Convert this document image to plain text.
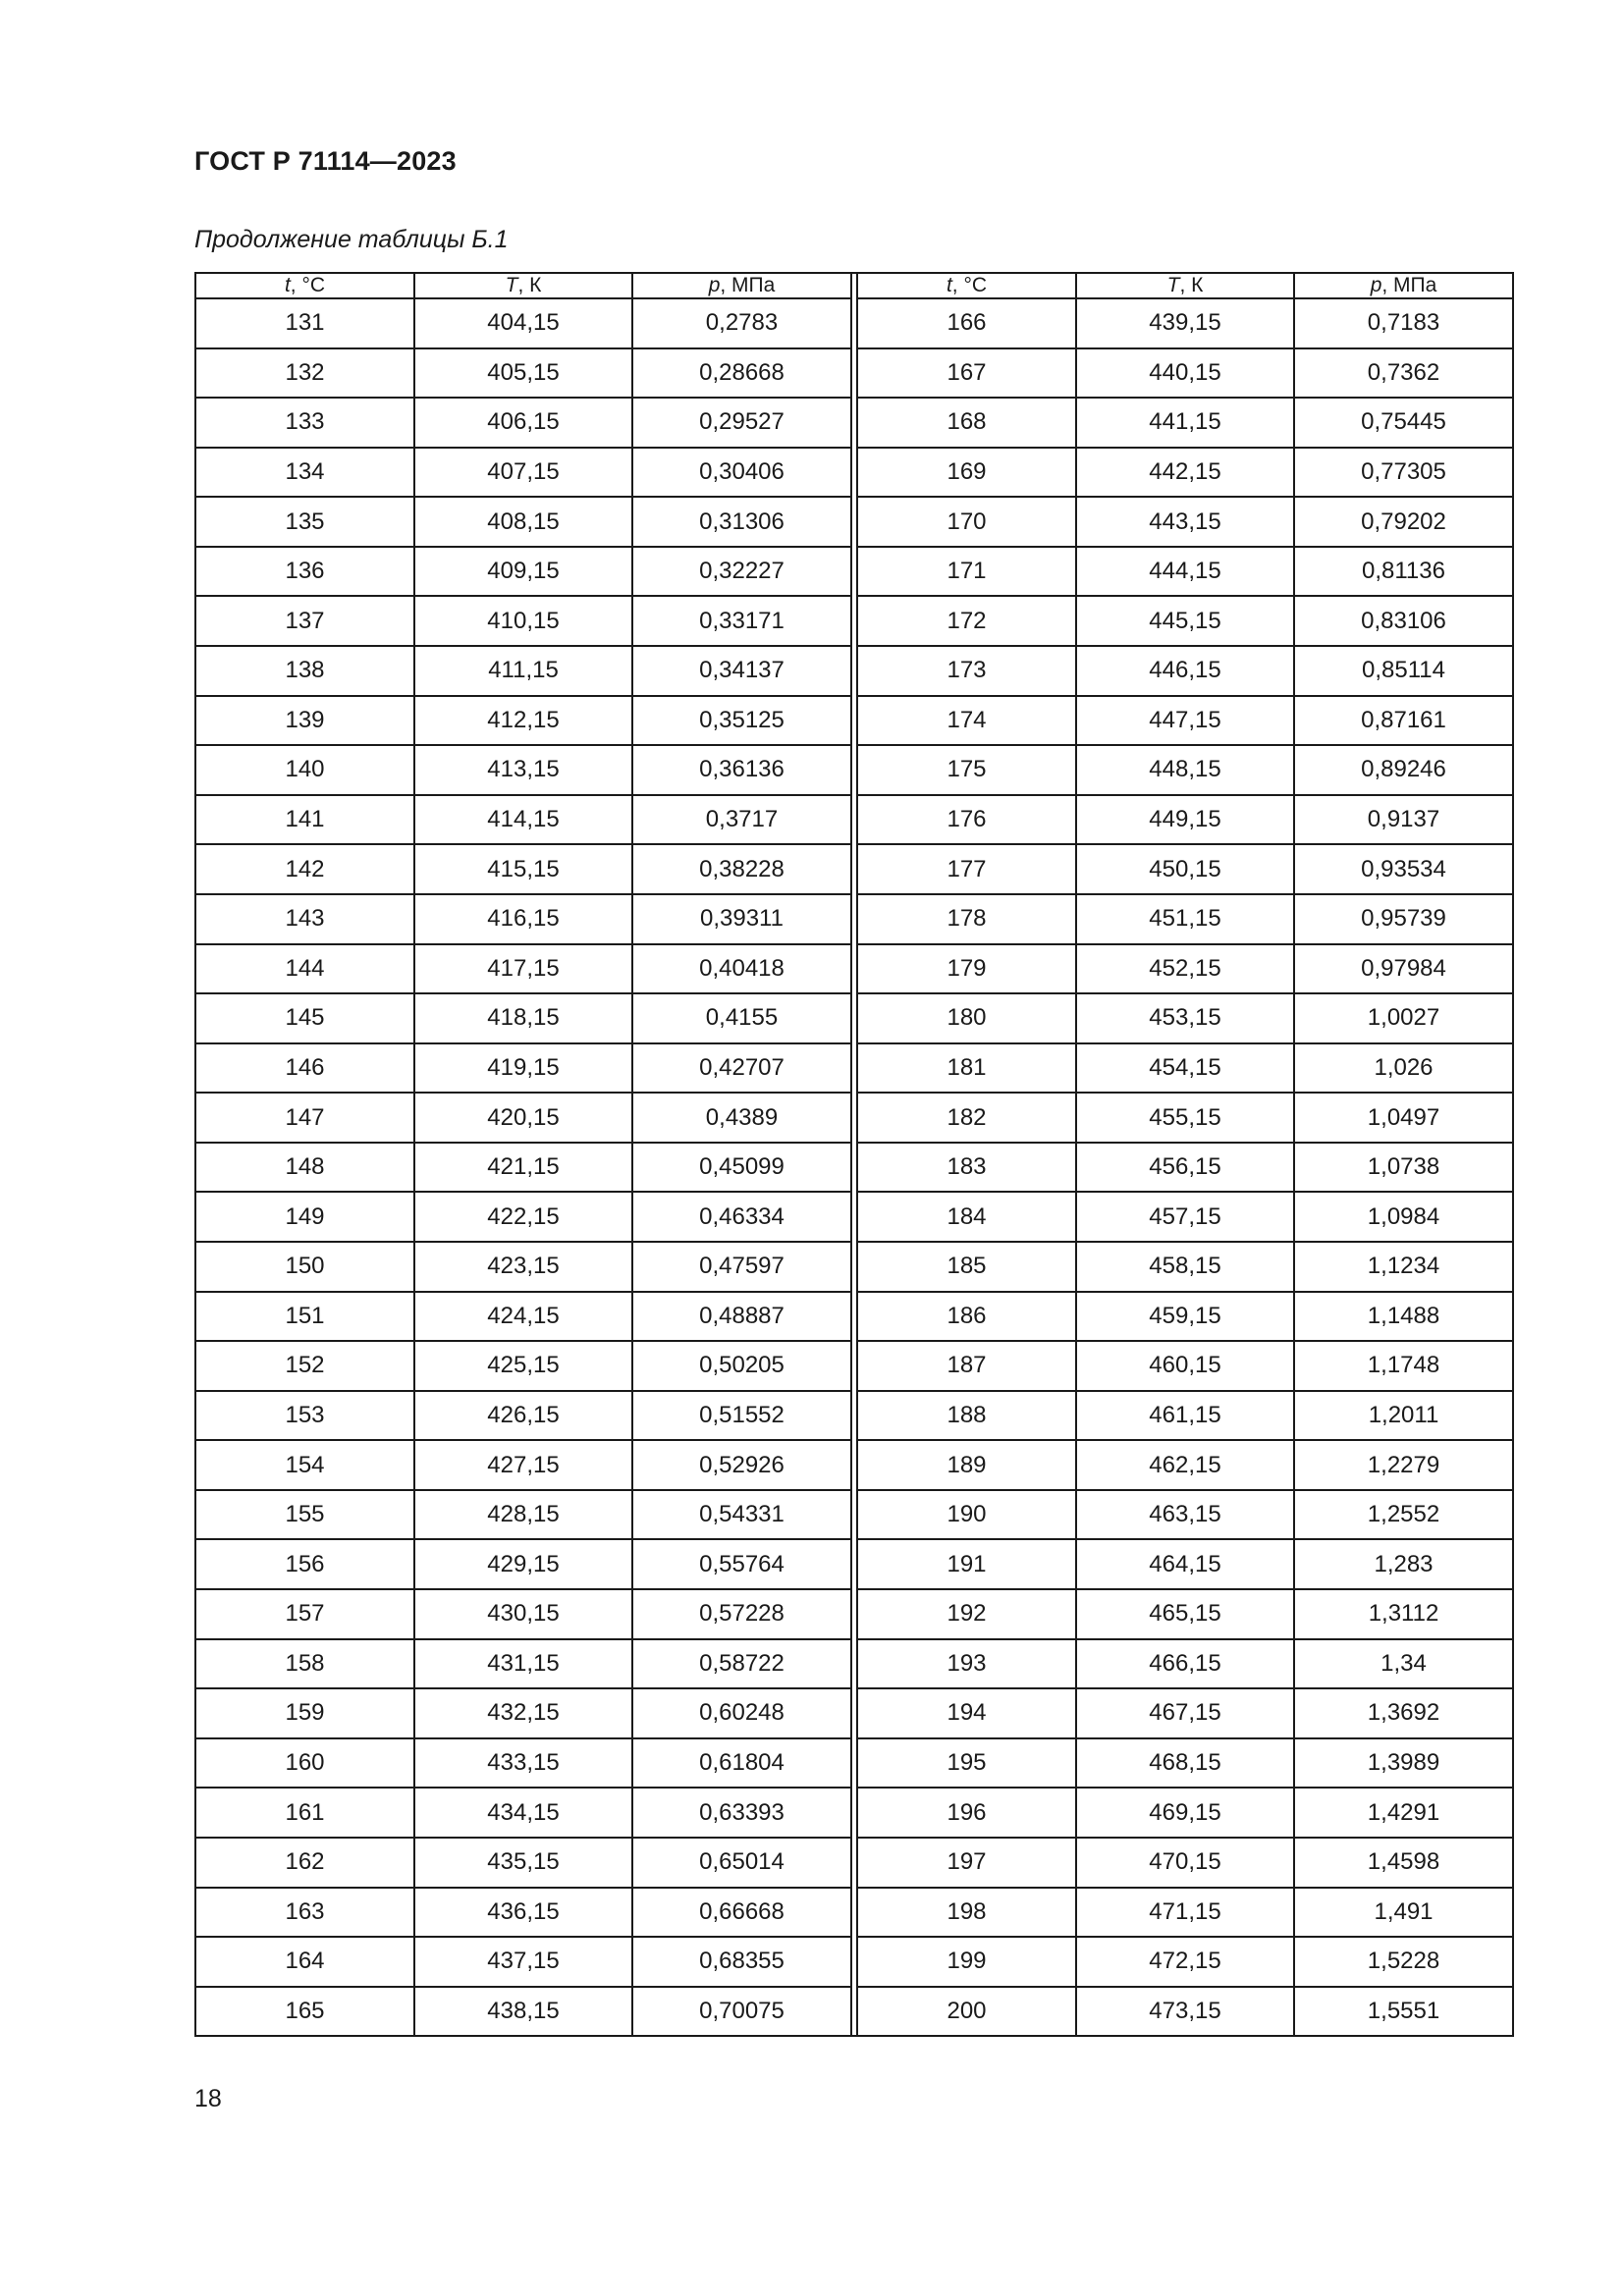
ГОСТ Р 71114—2023
Продолжение таблицы Б.1
t, °С	T, К	p, МПа
131	404,15	0,2783
132	405,15	0,28668
133	406,15	0,29527
134	407,15	0,30406
135	408,15	0,31306
136	409,15	0,32227
137	410,15	0,33171
138	411,15	0,34137
139	412,15	0,35125
140	413,15	0,36136
141	414,15	0,3717
142	415,15	0,38228
143	416,15	0,39311
144	417,15	0,40418
145	418,15	0,4155
146	419,15	0,42707
147	420,15	0,4389
148	421,15	0,45099
149	422,15	0,46334
150	423,15	0,47597
151	424,15	0,48887
152	425,15	0,50205
153	426,15	0,51552
154	427,15	0,52926
155	428,15	0,54331
156	429,15	0,55764
157	430,15	0,57228
158	431,15	0,58722
159	432,15	0,60248
160	433,15	0,61804
161	434,15	0,63393
162	435,15	0,65014
163	436,15	0,66668
164	437,15	0,68355
165	438,15	0,70075
t, °С	T, К	p, МПа
166	439,15	0,7183
167	440,15	0,7362
168	441,15	0,75445
169	442,15	0,77305
170	443,15	0,79202
171	444,15	0,81136
172	445,15	0,83106
173	446,15	0,85114
174	447,15	0,87161
175	448,15	0,89246
176	449,15	0,9137
177	450,15	0,93534
178	451,15	0,95739
179	452,15	0,97984
180	453,15	1,0027
181	454,15	1,026
182	455,15	1,0497
183	456,15	1,0738
184	457,15	1,0984
185	458,15	1,1234
186	459,15	1,1488
187	460,15	1,1748
188	461,15	1,2011
189	462,15	1,2279
190	463,15	1,2552
191	464,15	1,283
192	465,15	1,3112
193	466,15	1,34
194	467,15	1,3692
195	468,15	1,3989
196	469,15	1,4291
197	470,15	1,4598
198	471,15	1,491
199	472,15	1,5228
200	473,15	1,5551
18
